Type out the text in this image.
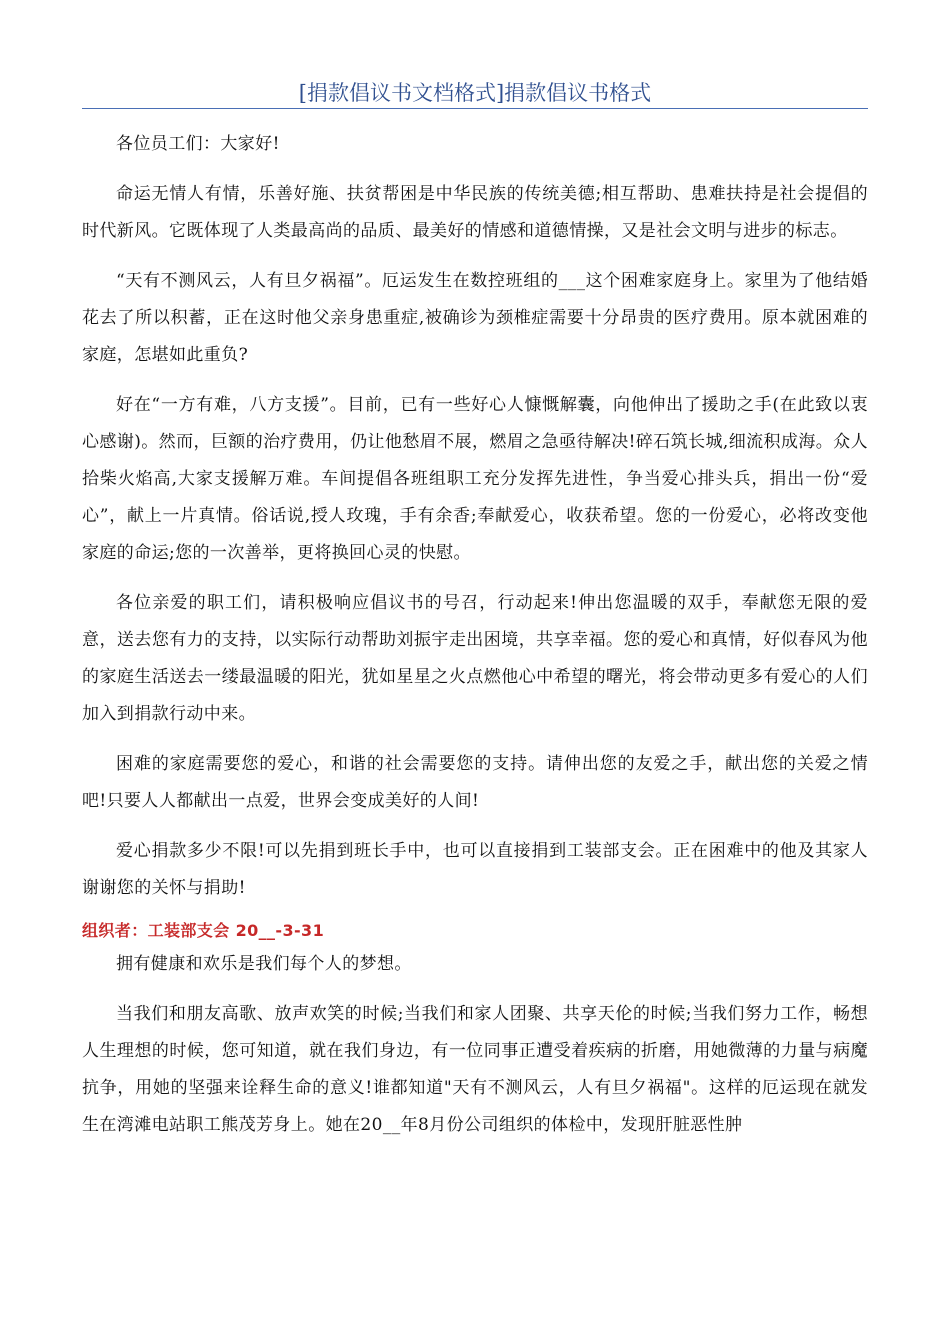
[捐款倡议书文档格式]捐款倡议书格式

各位员工们：大家好!

命运无情人有情，乐善好施、扶贫帮困是中华民族的传统美德;相互帮助、患难扶持是社会提倡的时代新风。它既体现了人类最高尚的品质、最美好的情感和道德情操，又是社会文明与进步的标志。

“天有不测风云，人有旦夕祸福”。厄运发生在数控班组的___这个困难家庭身上。家里为了他结婚花去了所以积蓄，正在这时他父亲身患重症,被确诊为颈椎症需要十分昂贵的医疗费用。原本就困难的家庭，怎堪如此重负?

好在“一方有难，八方支援”。目前，已有一些好心人慷慨解囊，向他伸出了援助之手(在此致以衷心感谢)。然而，巨额的治疗费用，仍让他愁眉不展，燃眉之急亟待解决!碎石筑长城,细流积成海。众人拾柴火焰高,大家支援解万难。车间提倡各班组职工充分发挥先进性，争当爱心排头兵，捐出一份“爱心”，献上一片真情。俗话说,授人玫瑰，手有余香;奉献爱心，收获希望。您的一份爱心，必将改变他家庭的命运;您的一次善举，更将换回心灵的快慰。

各位亲爱的职工们，请积极响应倡议书的号召，行动起来!伸出您温暖的双手，奉献您无限的爱意，送去您有力的支持，以实际行动帮助刘振宇走出困境，共享幸福。您的爱心和真情，好似春风为他的家庭生活送去一缕最温暖的阳光，犹如星星之火点燃他心中希望的曙光，将会带动更多有爱心的人们加入到捐款行动中来。

困难的家庭需要您的爱心，和谐的社会需要您的支持。请伸出您的友爱之手，献出您的关爱之情吧!只要人人都献出一点爱，世界会变成美好的人间!

爱心捐款多少不限!可以先捐到班长手中，也可以直接捐到工装部支会。正在困难中的他及其家人谢谢您的关怀与捐助!

组织者：工装部支会 20__-3-31

拥有健康和欢乐是我们每个人的梦想。

当我们和朋友高歌、放声欢笑的时候;当我们和家人团聚、共享天伦的时候;当我们努力工作，畅想人生理想的时候，您可知道，就在我们身边，有一位同事正遭受着疾病的折磨，用她微薄的力量与病魔抗争，用她的坚强来诠释生命的意义!谁都知道"天有不测风云，人有旦夕祸福"。这样的厄运现在就发生在湾滩电站职工熊茂芳身上。她在20__年8月份公司组织的体检中，发现肝脏恶性肿
